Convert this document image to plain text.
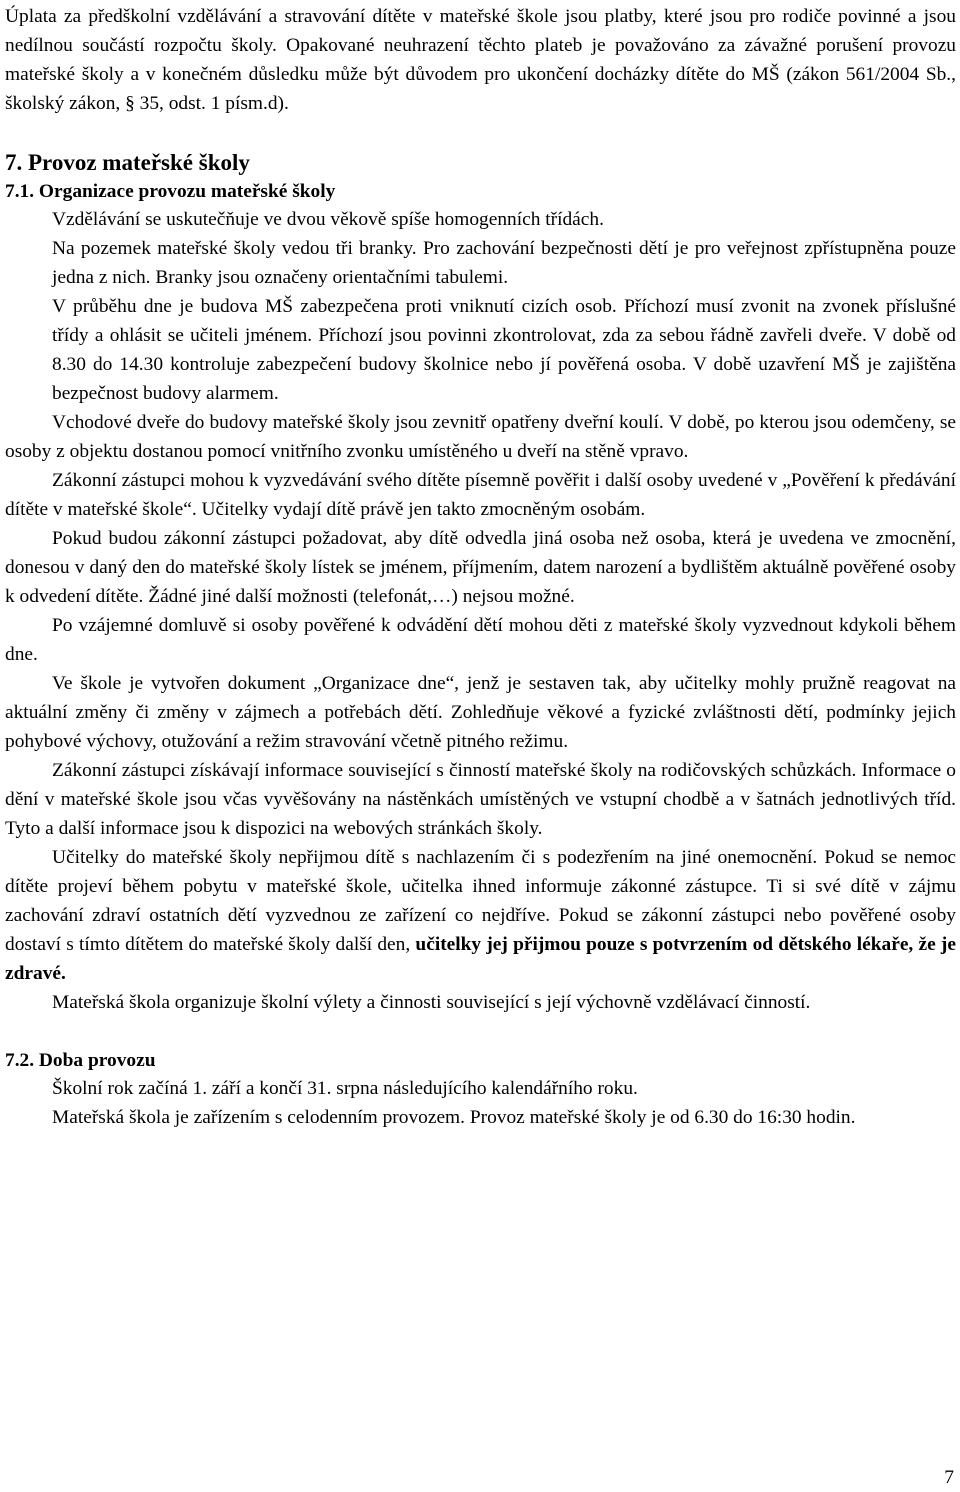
Úplata za předškolní vzdělávání a stravování dítěte v mateřské škole jsou platby, které jsou pro rodiče povinné a jsou nedílnou součástí rozpočtu školy. Opakované neuhrazení těchto plateb je považováno za závažné porušení provozu mateřské školy a v konečném důsledku může být důvodem pro ukončení docházky dítěte do MŠ (zákon 561/2004 Sb., školský zákon, § 35, odst. 1 písm.d).

7. Provoz mateřské školy
7.1. Organizace provozu mateřské školy

Vzdělávání se uskutečňuje ve dvou věkově spíše homogenních třídách.

Na pozemek mateřské školy vedou tři branky. Pro zachování bezpečnosti dětí je pro veřejnost zpřístupněna pouze jedna z nich. Branky jsou označeny orientačními tabulemi.

V průběhu dne je budova MŠ zabezpečena proti vniknutí cizích osob. Příchozí musí zvonit na zvonek příslušné třídy a ohlásit se učiteli jménem. Příchozí jsou povinni zkontrolovat, zda za sebou řádně zavřeli dveře. V době od 8.30 do 14.30 kontroluje zabezpečení budovy školnice nebo jí pověřená osoba. V době uzavření MŠ je zajištěna bezpečnost budovy alarmem.

Vchodové dveře do budovy mateřské školy jsou zevnitř opatřeny dveřní koulí. V době, po kterou jsou odemčeny, se osoby z objektu dostanou pomocí vnitřního zvonku umístěného u dveří na stěně vpravo.

Zákonní zástupci mohou k vyzvedávání svého dítěte písemně pověřit i další osoby uvedené v „Pověření k předávání dítěte v mateřské škole“. Učitelky vydají dítě právě jen takto zmocněným osobám.

Pokud budou zákonní zástupci požadovat, aby dítě odvedla jiná osoba než osoba, která je uvedena ve zmocnění, donesou v daný den do mateřské školy lístek se jménem, příjmením, datem narození a bydlištěm aktuálně pověřené osoby k odvedení dítěte. Žádné jiné další možnosti (telefonát,…) nejsou možné.

Po vzájemné domluvě si osoby pověřené k odvádění dětí mohou děti z mateřské školy vyzvednout kdykoli během dne.

Ve škole je vytvořen dokument „Organizace dne“, jenž je sestaven tak, aby učitelky mohly pružně reagovat na aktuální změny či změny v zájmech a potřebách dětí. Zohledňuje věkové a fyzické zvláštnosti dětí, podmínky jejich pohybové výchovy, otužování a režim stravování včetně pitného režimu.

Zákonní zástupci získávají informace související s činností mateřské školy na rodičovských schůzkách. Informace o dění v mateřské škole jsou včas vyvěšovány na nástěnkách umístěných ve vstupní chodbě a v šatnách jednotlivých tříd. Tyto a další informace jsou k dispozici na webových stránkách školy.

Učitelky do mateřské školy nepřijmou dítě s nachlazením či s podezřením na jiné onemocnění. Pokud se nemoc dítěte projeví během pobytu v mateřské škole, učitelka ihned informuje zákonné zástupce. Ti si své dítě v zájmu zachování zdraví ostatních dětí vyzvednou ze zařízení co nejdříve. Pokud se zákonní zástupci nebo pověřené osoby dostaví s tímto dítětem do mateřské školy další den, učitelky jej přijmou pouze s potvrzením od dětského lékaře, že je zdravé.

Mateřská škola organizuje školní výlety a činnosti související s její výchovně vzdělávací činností.

7.2. Doba provozu

Školní rok začíná 1. září a končí 31. srpna následujícího kalendářního roku.

Mateřská škola je zařízením s celodenním provozem. Provoz mateřské školy je od 6.30 do 16:30 hodin.

7
